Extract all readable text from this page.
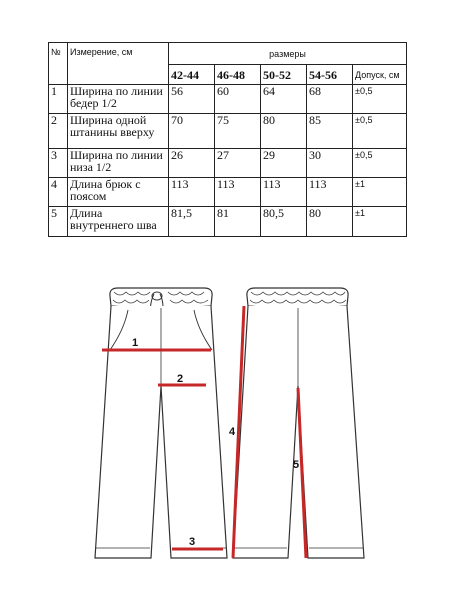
№	Измерение, см	размеры				
		42-44	46-48	50-52	54-56	Допуск, см
1	Ширина по линии бедер 1/2	56	60	64	68	±0,5
2	Ширина одной штанины вверху	70	75	80	85	±0,5
3	Ширина по линии низа 1/2	26	27	29	30	±0,5
4	Длина брюк с поясом	113	113	113	113	±1
5	Длина внутреннего шва	81,5	81	80,5	80	±1
1
2
3
4
5
